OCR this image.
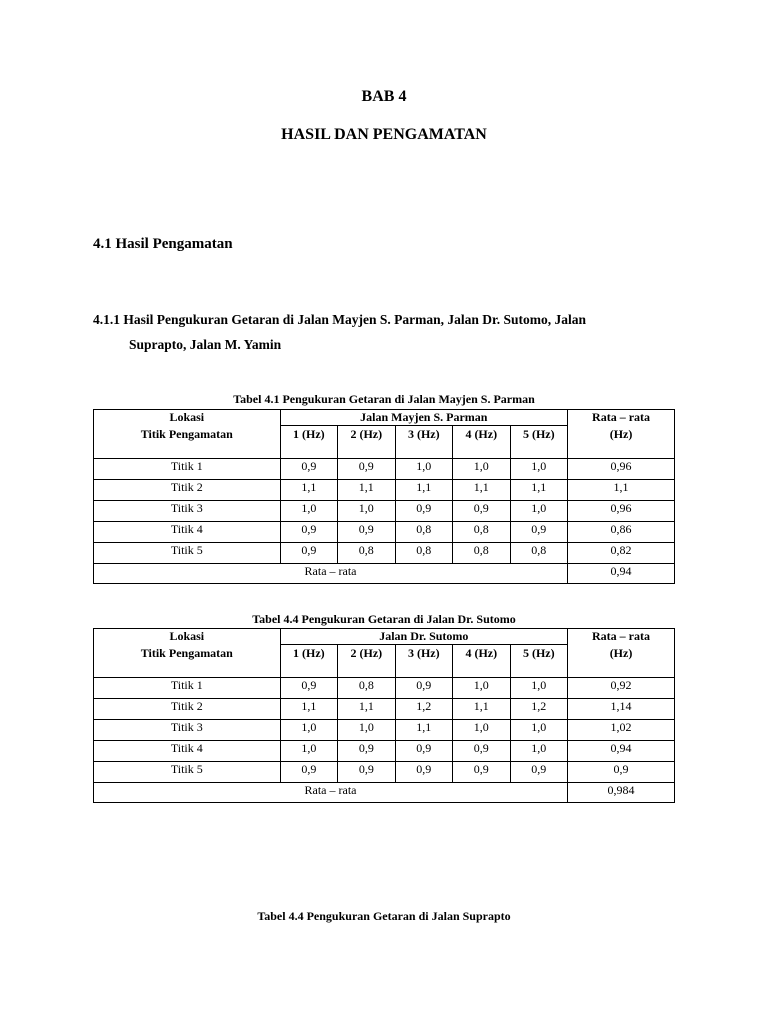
BAB 4
HASIL DAN PENGAMATAN
4.1 Hasil Pengamatan
4.1.1 Hasil Pengukuran Getaran di Jalan Mayjen S. Parman, Jalan Dr. Sutomo, Jalan
Suprapto, Jalan M. Yamin
Tabel 4.1 Pengukuran Getaran di Jalan Mayjen S. Parman
Lokasi	Jalan Mayjen S. Parman					Rata – rata
Titik Pengamatan	1 (Hz)	2 (Hz)	3 (Hz)	4 (Hz)	5 (Hz)	(Hz)
Titik 1	0,9	0,9	1,0	1,0	1,0	0,96
Titik 2	1,1	1,1	1,1	1,1	1,1	1,1
Titik 3	1,0	1,0	0,9	0,9	1,0	0,96
Titik 4	0,9	0,9	0,8	0,8	0,9	0,86
Titik 5	0,9	0,8	0,8	0,8	0,8	0,82
Rata – rata						0,94
Tabel 4.4 Pengukuran Getaran di Jalan Dr. Sutomo
Lokasi	Jalan Dr. Sutomo					Rata – rata
Titik Pengamatan	1 (Hz)	2 (Hz)	3 (Hz)	4 (Hz)	5 (Hz)	(Hz)
Titik 1	0,9	0,8	0,9	1,0	1,0	0,92
Titik 2	1,1	1,1	1,2	1,1	1,2	1,14
Titik 3	1,0	1,0	1,1	1,0	1,0	1,02
Titik 4	1,0	0,9	0,9	0,9	1,0	0,94
Titik 5	0,9	0,9	0,9	0,9	0,9	0,9
Rata – rata						0,984
Tabel 4.4 Pengukuran Getaran di Jalan Suprapto
